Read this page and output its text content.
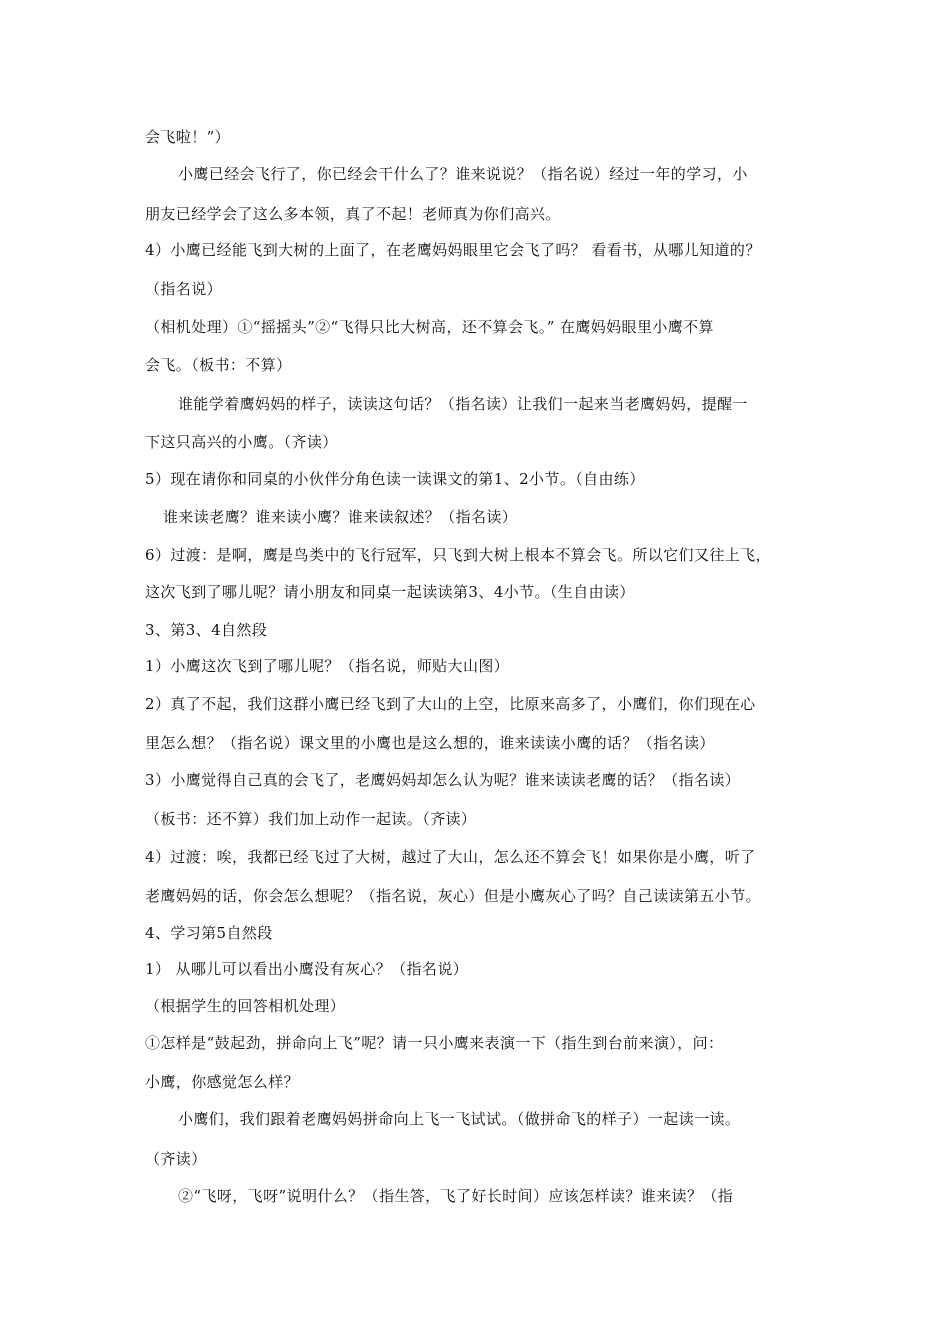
会飞啦！”）
小鹰已经会飞行了，你已经会干什么了？谁来说说？（指名说）经过一年的学习，小
朋友已经学会了这么多本领，真了不起！老师真为你们高兴。
4）小鹰已经能飞到大树的上面了，在老鹰妈妈眼里它会飞了吗？ 看看书，从哪儿知道的？
（指名说）
（相机处理）①“摇摇头”②“飞得只比大树高，还不算会飞。” 在鹰妈妈眼里小鹰不算
会飞。（板书：不算）
谁能学着鹰妈妈的样子，读读这句话？（指名读）让我们一起来当老鹰妈妈，提醒一
下这只高兴的小鹰。（齐读）
5）现在请你和同桌的小伙伴分角色读一读课文的第1、2小节。（自由练）
谁来读老鹰？谁来读小鹰？谁来读叙述？（指名读）
6）过渡：是啊，鹰是鸟类中的飞行冠军，只飞到大树上根本不算会飞。所以它们又往上飞，
这次飞到了哪儿呢？请小朋友和同桌一起读读第3、4小节。（生自由读）
3、第3、4自然段
1）小鹰这次飞到了哪儿呢？（指名说，师贴大山图）
2）真了不起，我们这群小鹰已经飞到了大山的上空，比原来高多了，小鹰们，你们现在心
里怎么想？（指名说）课文里的小鹰也是这么想的，谁来读读小鹰的话？（指名读）
3）小鹰觉得自己真的会飞了，老鹰妈妈却怎么认为呢？谁来读读老鹰的话？（指名读）
（板书：还不算）我们加上动作一起读。（齐读）
4）过渡：唉，我都已经飞过了大树，越过了大山，怎么还不算会飞！如果你是小鹰，听了
老鹰妈妈的话，你会怎么想呢？（指名说，灰心）但是小鹰灰心了吗？自己读读第五小节。
4、学习第5自然段
1） 从哪儿可以看出小鹰没有灰心？（指名说）
（根据学生的回答相机处理）
①怎样是“鼓起劲，拼命向上飞”呢？请一只小鹰来表演一下（指生到台前来演），问：
小鹰，你感觉怎么样？
小鹰们，我们跟着老鹰妈妈拼命向上飞一飞试试。（做拼命飞的样子）一起读一读。
（齐读）
②“飞呀，飞呀”说明什么？（指生答，飞了好长时间）应该怎样读？谁来读？（指
